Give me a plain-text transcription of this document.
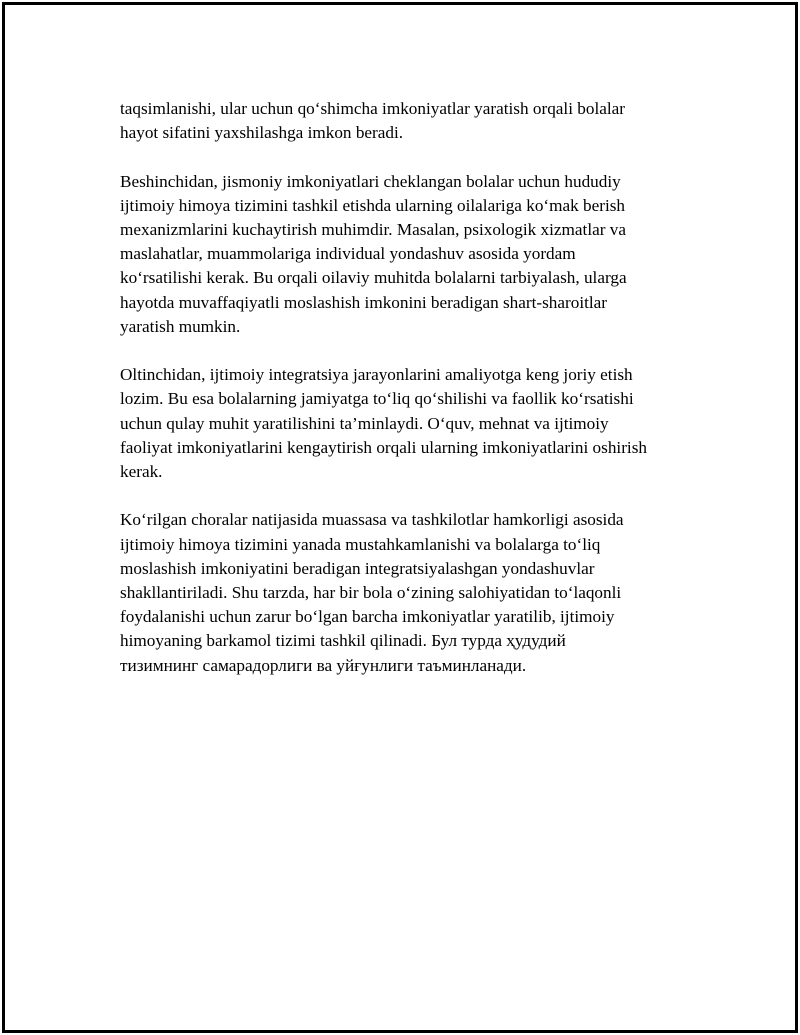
taqsimlanishi, ular uchun qo‘shimcha imkoniyatlar yaratish orqali bolalar
hayot sifatini yaxshilashga imkon beradi.

Beshinchidan, jismoniy imkoniyatlari cheklangan bolalar uchun hududiy
ijtimoiy himoya tizimini tashkil etishda ularning oilalariga ko‘mak berish
mexanizmlarini kuchaytirish muhimdir. Masalan, psixologik xizmatlar va
maslahatlar, muammolariga individual yondashuv asosida yordam
ko‘rsatilishi kerak. Bu orqali oilaviy muhitda bolalarni tarbiyalash, ularga
hayotda muvaffaqiyatli moslashish imkonini beradigan shart-sharoitlar
yaratish mumkin.

Oltinchidan, ijtimoiy integratsiya jarayonlarini amaliyotga keng joriy etish
lozim. Bu esa bolalarning jamiyatga to‘liq qo‘shilishi va faollik ko‘rsatishi
uchun qulay muhit yaratilishini ta’minlaydi. O‘quv, mehnat va ijtimoiy
faoliyat imkoniyatlarini kengaytirish orqali ularning imkoniyatlarini oshirish
kerak.

Ko‘rilgan choralar natijasida muassasa va tashkilotlar hamkorligi asosida
ijtimoiy himoya tizimini yanada mustahkamlanishi va bolalarga to‘liq
moslashish imkoniyatini beradigan integratsiyalashgan yondashuvlar
shakllantiriladi. Shu tarzda, har bir bola o‘zining salohiyatidan to‘laqonli
foydalanishi uchun zarur bo‘lgan barcha imkoniyatlar yaratilib, ijtimoiy
himoyaning barkamol tizimi tashkil qilinadi. Бул турда ҳудудий
тизимнинг самарадорлиги ва уйғунлиги таъминланади.
